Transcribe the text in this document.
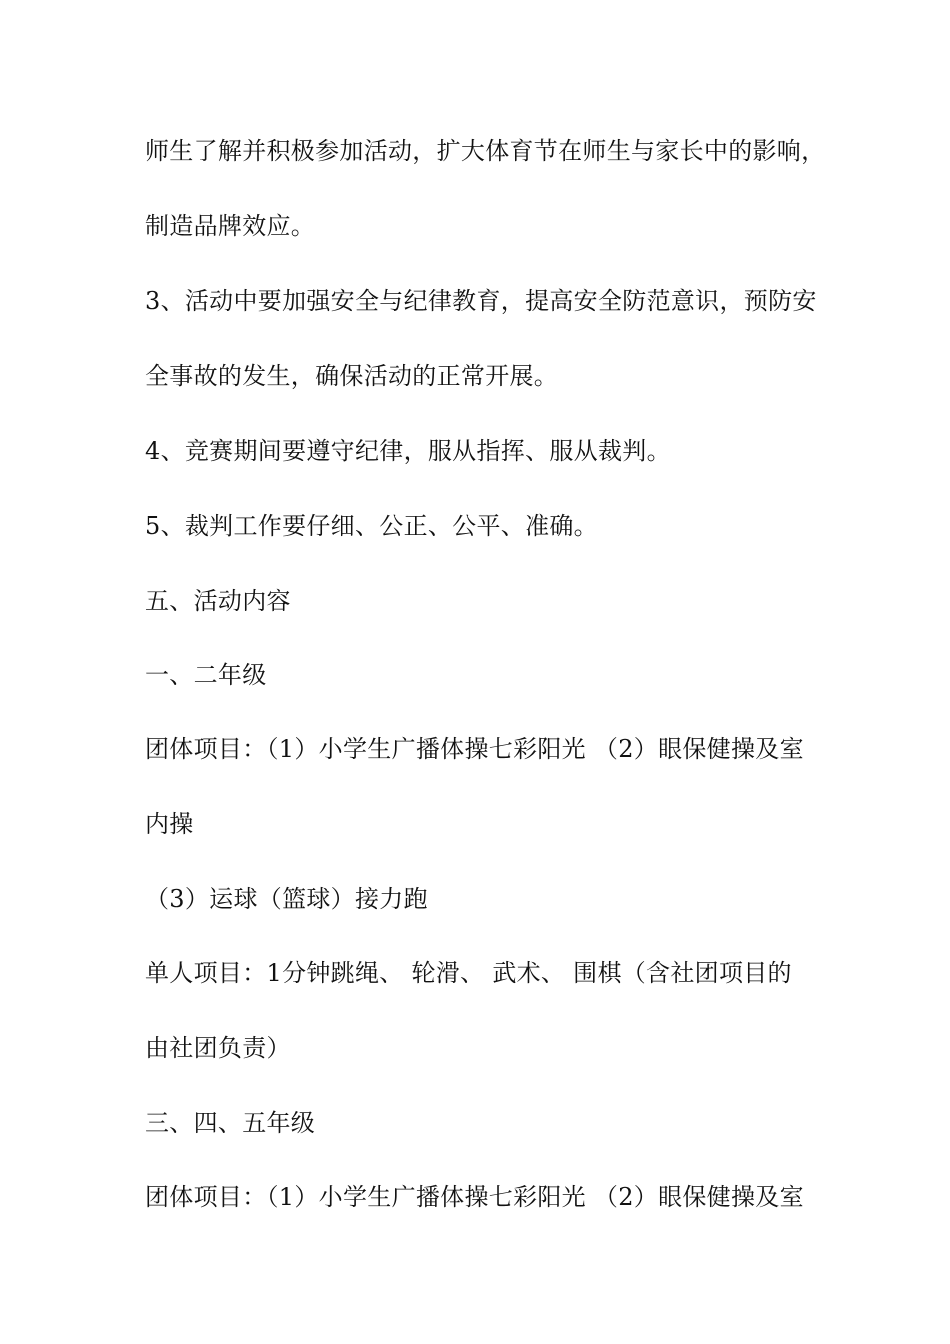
师生了解并积极参加活动，扩大体育节在师生与家长中的影响，
制造品牌效应。
3、活动中要加强安全与纪律教育，提高安全防范意识，预防安
全事故的发生，确保活动的正常开展。
4、竞赛期间要遵守纪律，服从指挥、服从裁判。
5、裁判工作要仔细、公正、公平、准确。
五、活动内容
一、二年级
团体项目：（1）小学生广播体操七彩阳光 （2）眼保健操及室
内操
（3）运球（篮球）接力跑
单人项目：1分钟跳绳、 轮滑、 武术、 围棋（含社团项目的
由社团负责）
三、四、五年级
团体项目：（1）小学生广播体操七彩阳光 （2）眼保健操及室
